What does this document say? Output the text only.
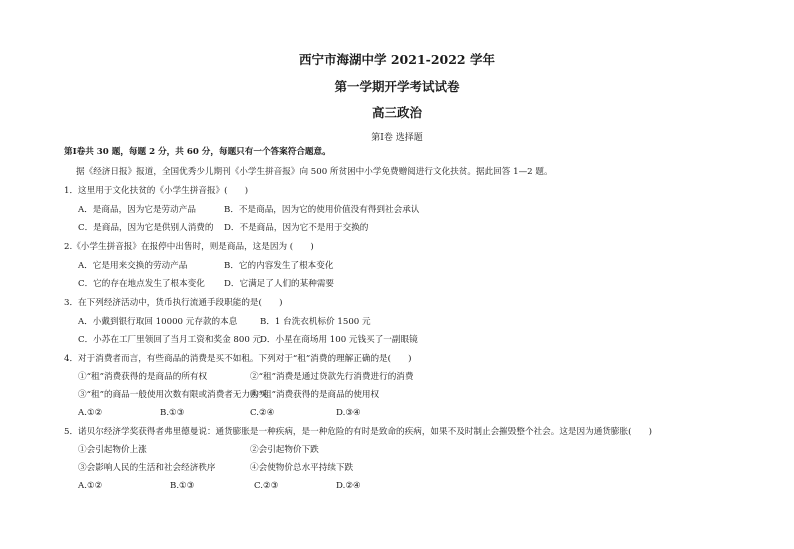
西宁市海湖中学 2021-2022 学年
第一学期开学考试试卷
高三政治
第Ⅰ卷 选择题
第Ⅰ卷共 30 题，每题 2 分，共 60 分，每题只有一个答案符合题意。
据《经济日报》报道，全国优秀少儿期刊《小学生拼音报》向 500 所贫困中小学免费赠阅进行文化扶贫。据此回答 1—2 题。
1．这里用于文化扶贫的《小学生拼音报》(　　)
A．是商品，因为它是劳动产品	B．不是商品，因为它的使用价值没有得到社会承认
C．是商品，因为它是供别人消费的 D．不是商品，因为它不是用于交换的
2.《小学生拼音报》在报停中出售时，则是商品，这是因为 (　　)
A．它是用来交换的劳动产品	B．它的内容发生了根本变化
C．它的存在地点发生了根本变化 D．它满足了人们的某种需要
3．在下列经济活动中，货币执行流通手段职能的是(　　)
A．小戴到银行取回 10000 元存款的本息	B．1 台洗衣机标价 1500 元
C．小苏在工厂里领回了当月工资和奖金 800 元
D．小星在商场用 100 元钱买了一副眼镜
4．对于消费者而言，有些商品的消费是买不如租。下列对于“租”消费的理解正确的是(　　)
①“租”消费获得的是商品的所有权	②“租”消费是通过贷款先行消费进行的消费
③“租”的商品一般使用次数有限或消费者无力购买
④“租”消费获得的是商品的使用权
A.①②	B.①③	C.②④	D.③④
5．诺贝尔经济学奖获得者弗里德曼说：通货膨胀是一种疾病，是一种危险的有时是致命的疾病，如果不及时制止会摧毁整个社会。这是因为通货膨胀(　　)
①会引起物价上涨	②会引起物价下跌
③会影响人民的生活和社会经济秩序	④会使物价总水平持续下跌
A.①②	B.①③	C.②③	D.②④
